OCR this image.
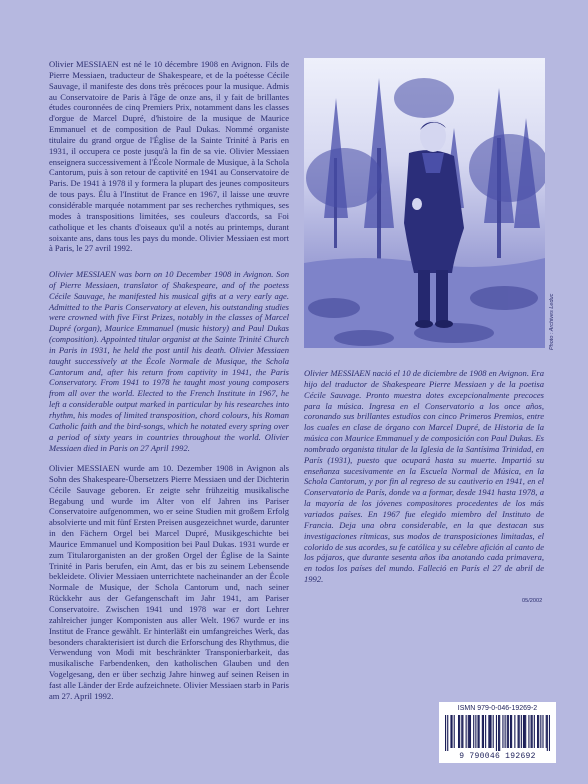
Olivier MESSIAEN est né le 10 décembre 1908 en Avignon. Fils de Pierre Messiaen, traducteur de Shakespeare, et de la poétesse Cécile Sauvage, il manifeste des dons très précoces pour la musique. Admis au Conservatoire de Paris à l'âge de onze ans, il y fait de brillantes études couronnées de cinq Premiers Prix, notamment dans les classes d'orgue de Marcel Dupré, d'histoire de la musique de Maurice Emmanuel et de composition de Paul Dukas. Nommé organiste titulaire du grand orgue de l'Église de la Sainte Trinité à Paris en 1931, il occupera ce poste jusqu'à la fin de sa vie. Olivier Messiaen enseignera successivement à l'École Normale de Musique, à la Schola Cantorum, puis à son retour de captivité en 1941 au Conservatoire de Paris. De 1941 à 1978 il y formera la plupart des jeunes compositeurs de tous pays. Élu à l'Institut de France en 1967, il laisse une œuvre considérable marquée notamment par ses recherches rythmiques, ses modes à transpositions limitées, ses couleurs d'accords, sa Foi catholique et les chants d'oiseaux qu'il a notés au printemps, durant soixante ans, dans tous les pays du monde. Olivier Messiaen est mort à Paris, le 27 avril 1992.

Olivier MESSIAEN was born on 10 December 1908 in Avignon. Son of Pierre Messiaen, translator of Shakespeare, and of the poetess Cécile Sauvage, he manifested his musical gifts at a very early age. Admitted to the Paris Conservatory at eleven, his outstanding studies were crowned with five First Prizes, notably in the classes of Marcel Dupré (organ), Maurice Emmanuel (music history) and Paul Dukas (composition). Appointed titular organist at the Sainte Trinité Church in Paris in 1931, he held the post until his death. Olivier Messiaen taught successively at the École Normale de Musique, the Schola Cantorum and, after his return from captivity in 1941, the Paris Conservatory. From 1941 to 1978 he taught most young composers from all over the world. Elected to the French Institute in 1967, he left a considerable output marked in particular by his researches into rhythm, his modes of limited transposition, chord colours, his Roman Catholic faith and the bird-songs, which he notated every spring over a period of sixty years in countries throughout the world. Olivier Messiaen died in Paris on 27 April 1992.

Olivier MESSIAEN wurde am 10. Dezember 1908 in Avignon als Sohn des Shakespeare-Übersetzers Pierre Messiaen und der Dichterin Cécile Sauvage geboren. Er zeigte sehr frühzeitig musikalische Begabung und wurde im Alter von elf Jahren ins Pariser Conservatoire aufgenommen, wo er seine Studien mit großem Erfolg absolvierte und mit fünf Ersten Preisen ausgezeichnet wurde, darunter in den Fächern Orgel bei Marcel Dupré, Musikgeschichte bei Maurice Emmanuel und Komposition bei Paul Dukas. 1931 wurde er zum Titularorganisten an der großen Orgel der Église de la Sainte Trinité in Paris berufen, ein Amt, das er bis zu seinem Lebensende bekleidete. Olivier Messiaen unterrichtete nacheinander an der École Normale de Musique, der Schola Cantorum und, nach seiner Rückkehr aus der Gefangenschaft im Jahr 1941, am Pariser Conservatoire. Zwischen 1941 und 1978 war er dort Lehrer zahlreicher junger Komponisten aus aller Welt. 1967 wurde er ins Institut de France gewählt. Er hinterläßt ein umfangreiches Werk, das besonders charakterisiert ist durch die Erforschung des Rhythmus, die Verwendung von Modi mit beschränkter Transponierbarkeit, das musikalische Farbendenken, den katholischen Glauben und den Vogelgesang, den er über sechzig Jahre hinweg auf seinen Reisen in fast alle Länder der Erde aufzeichnete. Olivier Messiaen starb in Paris am 27. April 1992.

Olivier MESSIAEN nació el 10 de diciembre de 1908 en Avignon. Era hijo del traductor de Shakespeare Pierre Messiaen y de la poetisa Cécile Sauvage. Pronto muestra dotes excepcionalmente precoces para la música. Ingresa en el Conservatorio a los once años, coronando sus brillantes estudios con cinco Primeros Premios, entre los cuales en clase de órgano con Marcel Dupré, de Historia de la música con Maurice Emmanuel y de composición con Paul Dukas. Es nombrado organista titular de la Iglesia de la Santísima Trinidad, en París (1931), puesto que ocupará hasta su muerte. Impartió su enseñanza sucesivamente en la Escuela Normal de Música, en la Schola Cantorum, y por fin al regreso de su cautiverio en 1941, en el Conservatorio de París, donde va a formar, desde 1941 hasta 1978, a la mayoría de los jóvenes compositores procedentes de los más variados países. En 1967 fue elegido miembro del Instituto de Francia. Deja una obra considerable, en la que destacan sus investigaciones rítmicas, sus modos de transposiciones limitadas, el colorido de sus acordes, su fe católica y su célebre afición al canto de los pájaros, que durante sesenta años iba anotando cada primavera, en todos los países del mundo. Falleció en París el 27 de abril de 1992.

Photo : Archives Leduc
05/2002
ISMN 979-0-046-19269-2
9 790046 192692
